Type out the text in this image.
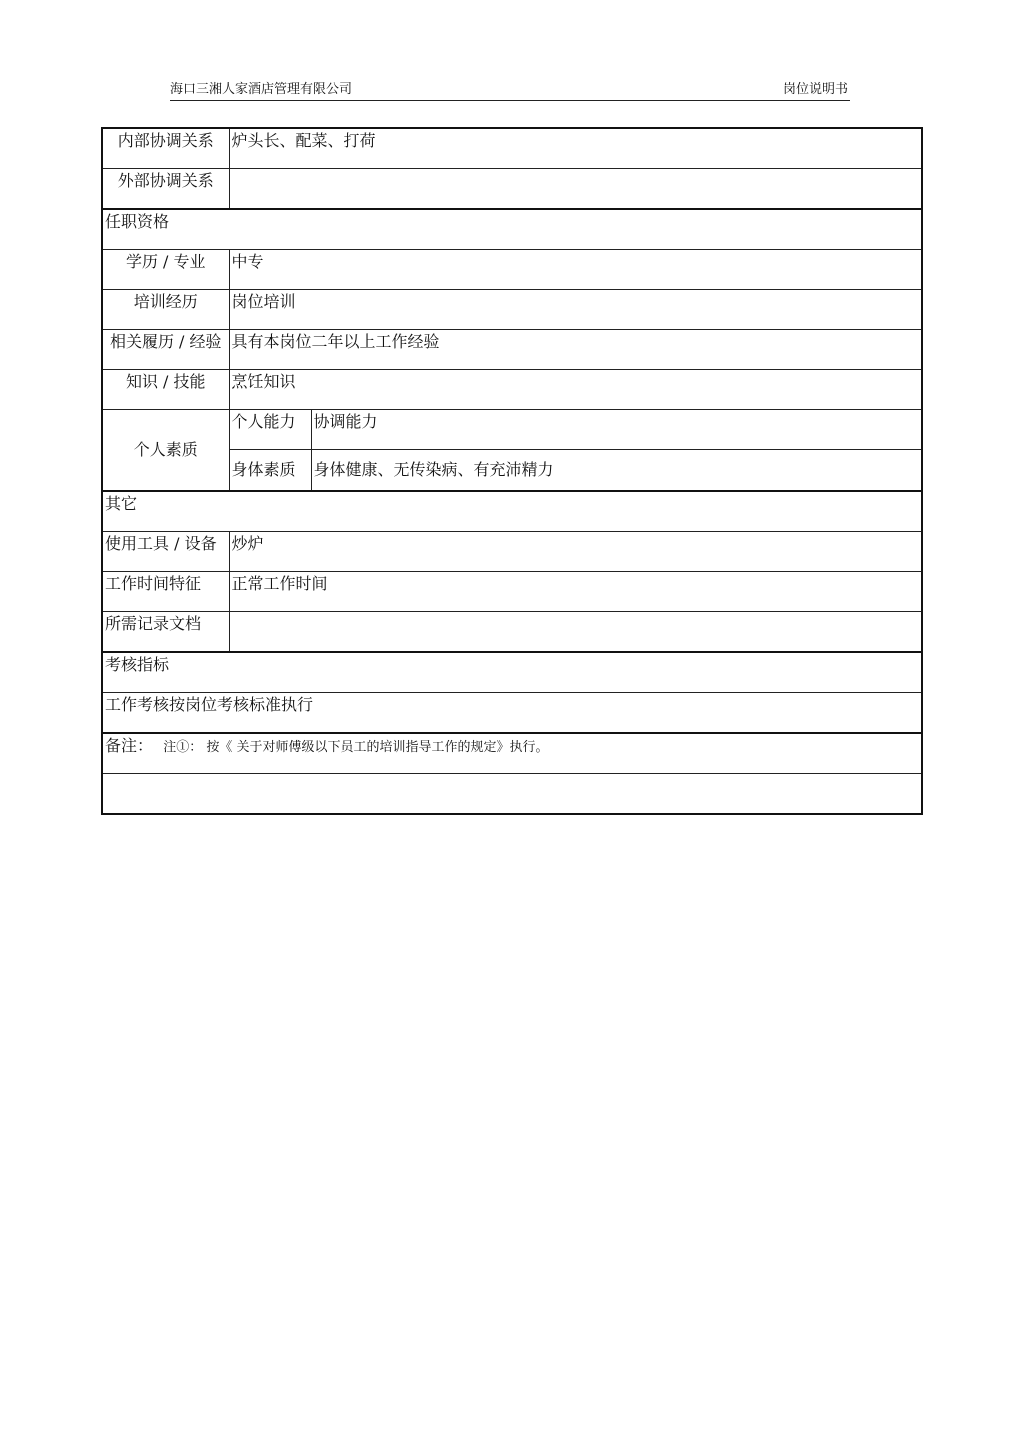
海口三湘人家酒店管理有限公司	岗位说明书
内部协调关系	炉头长、配菜、打荷	
外部协调关系		
任职资格		
学历 / 专业	中专	
培训经历	岗位培训	
相关履历 / 经验	具有本岗位二年以上工作经验	
知识 / 技能	烹饪知识	
个人素质	个人能力	协调能力
	身体素质	身体健康、无传染病、有充沛精力
其它		
使用工具 / 设备	炒炉	
工作时间特征	正常工作时间	
所需记录文档		
考核指标		
工作考核按岗位考核标准执行		
备注： 注①： 按《 关于对师傅级以下员工的培训指导工作的规定》执行。		
